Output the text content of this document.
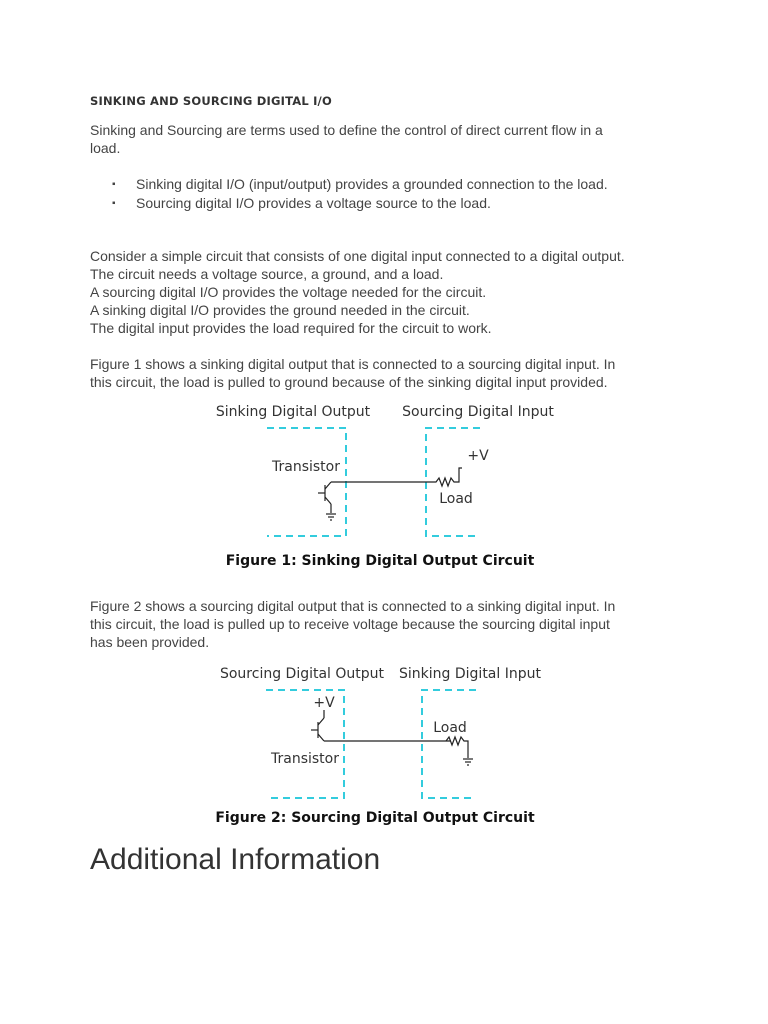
SINKING AND SOURCING DIGITAL I/O
Sinking and Sourcing are terms used to define the control of direct current flow in a
load.
▪ Sinking digital I/O (input/output) provides a grounded connection to the load.
▪ Sourcing digital I/O provides a voltage source to the load.
Consider a simple circuit that consists of one digital input connected to a digital output.
The circuit needs a voltage source, a ground, and a load.
A sourcing digital I/O provides the voltage needed for the circuit.
A sinking digital I/O provides the ground needed in the circuit.
The digital input provides the load required for the circuit to work.
Figure 1 shows a sinking digital output that is connected to a sourcing digital input. In
this circuit, the load is pulled to ground because of the sinking digital input provided.
Sinking Digital Output Sourcing Digital Input
Transistor
+V
Load
Figure 1: Sinking Digital Output Circuit
Figure 2 shows a sourcing digital output that is connected to a sinking digital input. In
this circuit, the load is pulled up to receive voltage because the sourcing digital input
has been provided.
Sourcing Digital Output Sinking Digital Input
+V
Transistor
Load
Figure 2: Sourcing Digital Output Circuit
Additional Information
